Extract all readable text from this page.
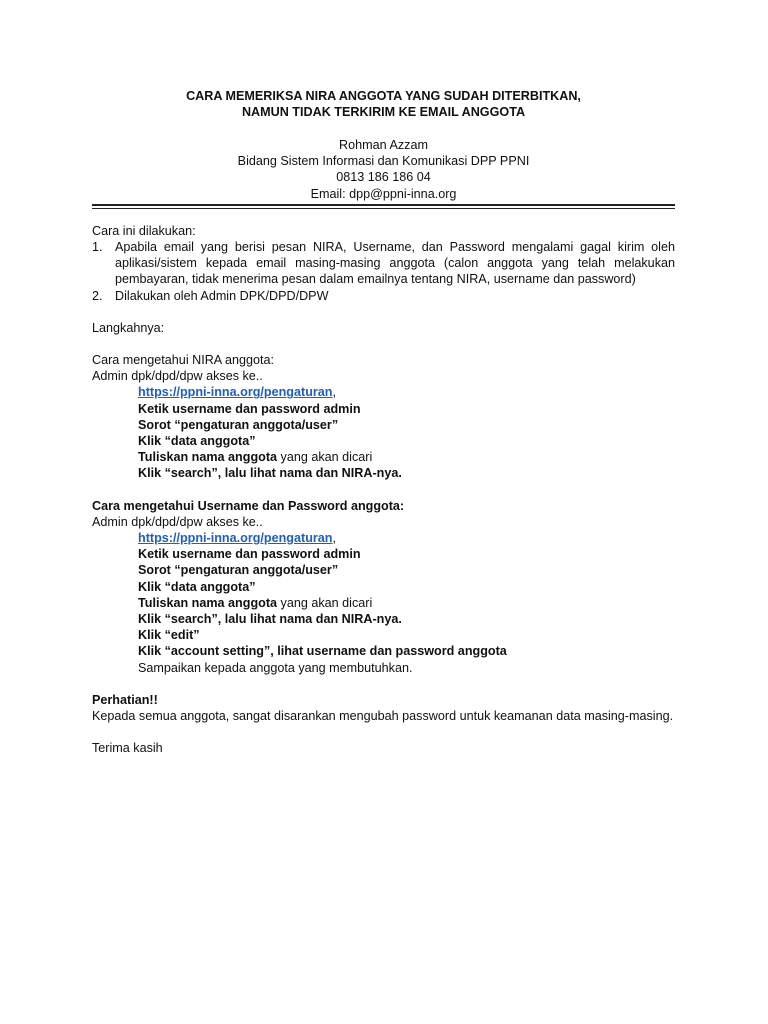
CARA MEMERIKSA NIRA ANGGOTA YANG SUDAH DITERBITKAN,
NAMUN TIDAK TERKIRIM KE EMAIL ANGGOTA
Rohman Azzam
Bidang Sistem Informasi dan Komunikasi DPP PPNI
0813 186 186 04
Email: dpp@ppni-inna.org
Cara ini dilakukan:
1. Apabila email yang berisi pesan NIRA, Username, dan Password mengalami gagal kirim oleh aplikasi/sistem kepada email masing-masing anggota (calon anggota yang telah melakukan pembayaran, tidak menerima pesan dalam emailnya tentang NIRA, username dan password)
2. Dilakukan oleh Admin DPK/DPD/DPW
Langkahnya:
Cara mengetahui NIRA anggota:
Admin dpk/dpd/dpw akses ke..
https://ppni-inna.org/pengaturan,
Ketik username dan password admin
Sorot “pengaturan anggota/user”
Klik “data anggota”
Tuliskan nama anggota yang akan dicari
Klik “search”, lalu lihat nama dan NIRA-nya.
Cara mengetahui Username dan Password anggota:
Admin dpk/dpd/dpw akses ke..
https://ppni-inna.org/pengaturan,
Ketik username dan password admin
Sorot “pengaturan anggota/user”
Klik “data anggota”
Tuliskan nama anggota yang akan dicari
Klik “search”, lalu lihat nama dan NIRA-nya.
Klik “edit”
Klik “account setting”, lihat username dan password anggota
Sampaikan kepada anggota yang membutuhkan.
Perhatian!!
Kepada semua anggota, sangat disarankan mengubah password untuk keamanan data masing-masing.
Terima kasih
